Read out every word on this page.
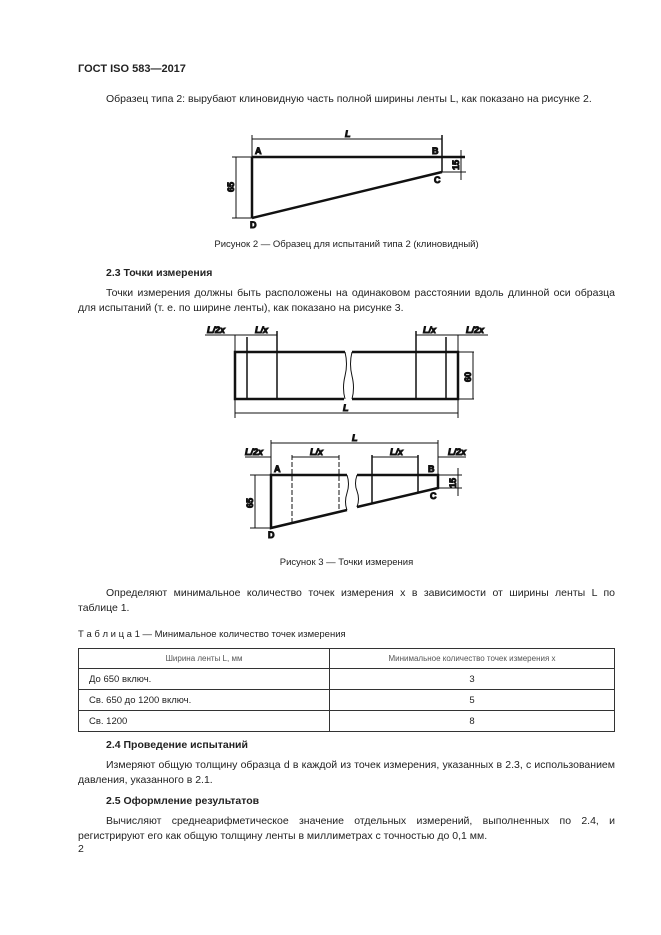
ГОСТ ISO 583—2017
Образец типа 2: вырубают клиновидную часть полной ширины ленты L, как показано на рисунке 2.
L
A	B
C
D
65
15
L/2x	L/x	L/x	L/2x
L
60
L
L/2x	L/x	L/x	L/2x
A	B
C
D
65
15
Рисунок 2 — Образец для испытаний типа 2 (клиновидный)
2.3 Точки измерения
Точки измерения должны быть расположены на одинаковом расстоянии вдоль длинной оси образца для испытаний (т. е. по ширине ленты), как показано на рисунке 3.
Рисунок 3 — Точки измерения
Определяют минимальное количество точек измерения x в зависимости от ширины ленты L по таблице 1.
Т а б л и ц а 1 — Минимальное количество точек измерения
Ширина ленты L, мм	Минимальное количество точек измерения x
До 650 включ.	3
Св. 650 до 1200 включ.	5
Св. 1200	8
2.4 Проведение испытаний
Измеряют общую толщину образца d в каждой из точек измерения, указанных в 2.3, с использованием давления, указанного в 2.1.
2.5 Оформление результатов
Вычисляют среднеарифметическое значение отдельных измерений, выполненных по 2.4, и регистрируют его как общую толщину ленты в миллиметрах с точностью до 0,1 мм.
2
